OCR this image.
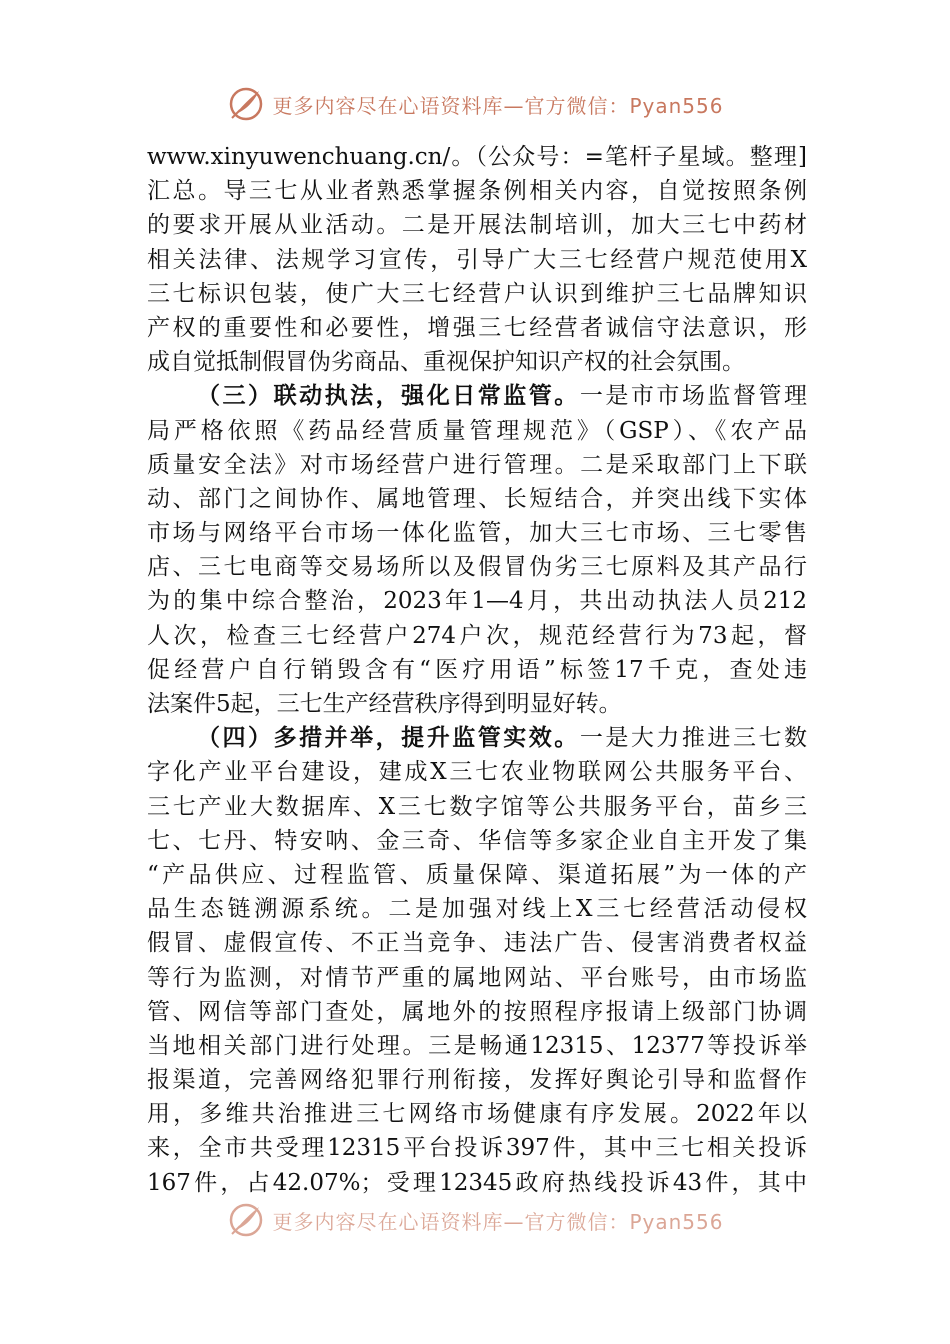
更多内容尽在心语资料库—官方微信：Pyan556
www.xinyuwenchuang.cn/。（公众号：=笔杆子星域。整理]
汇总。导三七从业者熟悉掌握条例相关内容，自觉按照条例
的要求开展从业活动。二是开展法制培训，加大三七中药材
相关法律、法规学习宣传，引导广大三七经营户规范使用X
三七标识包装，使广大三七经营户认识到维护三七品牌知识
产权的重要性和必要性，增强三七经营者诚信守法意识，形
成自觉抵制假冒伪劣商品、重视保护知识产权的社会氛围。
（三）联动执法，强化日常监管。一是市市场监督管理
局严格依照《药品经营质量管理规范》（GSP）、《农产品
质量安全法》对市场经营户进行管理。二是采取部门上下联
动、部门之间协作、属地管理、长短结合，并突出线下实体
市场与网络平台市场一体化监管，加大三七市场、三七零售
店、三七电商等交易场所以及假冒伪劣三七原料及其产品行
为的集中综合整治，2023年1—4月，共出动执法人员212
人次，检查三七经营户274户次，规范经营行为73起，督
促经营户自行销毁含有“医疗用语”标签17千克，查处违
法案件5起，三七生产经营秩序得到明显好转。
（四）多措并举，提升监管实效。一是大力推进三七数
字化产业平台建设，建成X三七农业物联网公共服务平台、
三七产业大数据库、X三七数字馆等公共服务平台，苗乡三
七、七丹、特安呐、金三奇、华信等多家企业自主开发了集
“产品供应、过程监管、质量保障、渠道拓展”为一体的产
品生态链溯源系统。二是加强对线上X三七经营活动侵权
假冒、虚假宣传、不正当竞争、违法广告、侵害消费者权益
等行为监测，对情节严重的属地网站、平台账号，由市场监
管、网信等部门查处，属地外的按照程序报请上级部门协调
当地相关部门进行处理。三是畅通12315、12377等投诉举
报渠道，完善网络犯罪行刑衔接，发挥好舆论引导和监督作
用，多维共治推进三七网络市场健康有序发展。2022年以
来，全市共受理12315平台投诉397件，其中三七相关投诉
167件，占42.07%；受理12345政府热线投诉43件，其中
更多内容尽在心语资料库—官方微信：Pyan556
